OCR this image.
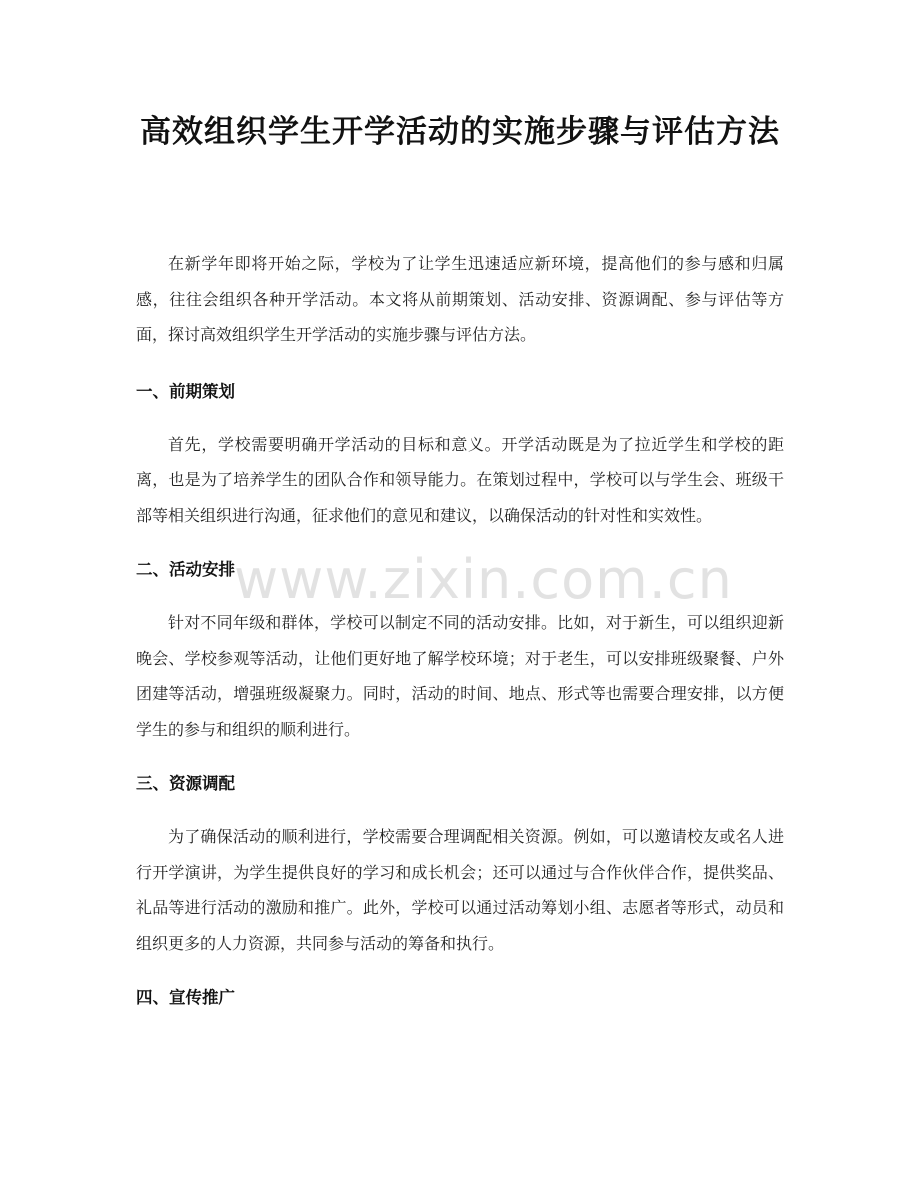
高效组织学生开学活动的实施步骤与评估方法

在新学年即将开始之际，学校为了让学生迅速适应新环境，提高他们的参与感和归属感，往往会组织各种开学活动。本文将从前期策划、活动安排、资源调配、参与评估等方面，探讨高效组织学生开学活动的实施步骤与评估方法。

一、前期策划

首先，学校需要明确开学活动的目标和意义。开学活动既是为了拉近学生和学校的距离，也是为了培养学生的团队合作和领导能力。在策划过程中，学校可以与学生会、班级干部等相关组织进行沟通，征求他们的意见和建议，以确保活动的针对性和实效性。

二、活动安排

针对不同年级和群体，学校可以制定不同的活动安排。比如，对于新生，可以组织迎新晚会、学校参观等活动，让他们更好地了解学校环境；对于老生，可以安排班级聚餐、户外团建等活动，增强班级凝聚力。同时，活动的时间、地点、形式等也需要合理安排，以方便学生的参与和组织的顺利进行。

三、资源调配

为了确保活动的顺利进行，学校需要合理调配相关资源。例如，可以邀请校友或名人进行开学演讲，为学生提供良好的学习和成长机会；还可以通过与合作伙伴合作，提供奖品、礼品等进行活动的激励和推广。此外，学校可以通过活动筹划小组、志愿者等形式，动员和组织更多的人力资源，共同参与活动的筹备和执行。

四、宣传推广
www.zixin.com.cn
